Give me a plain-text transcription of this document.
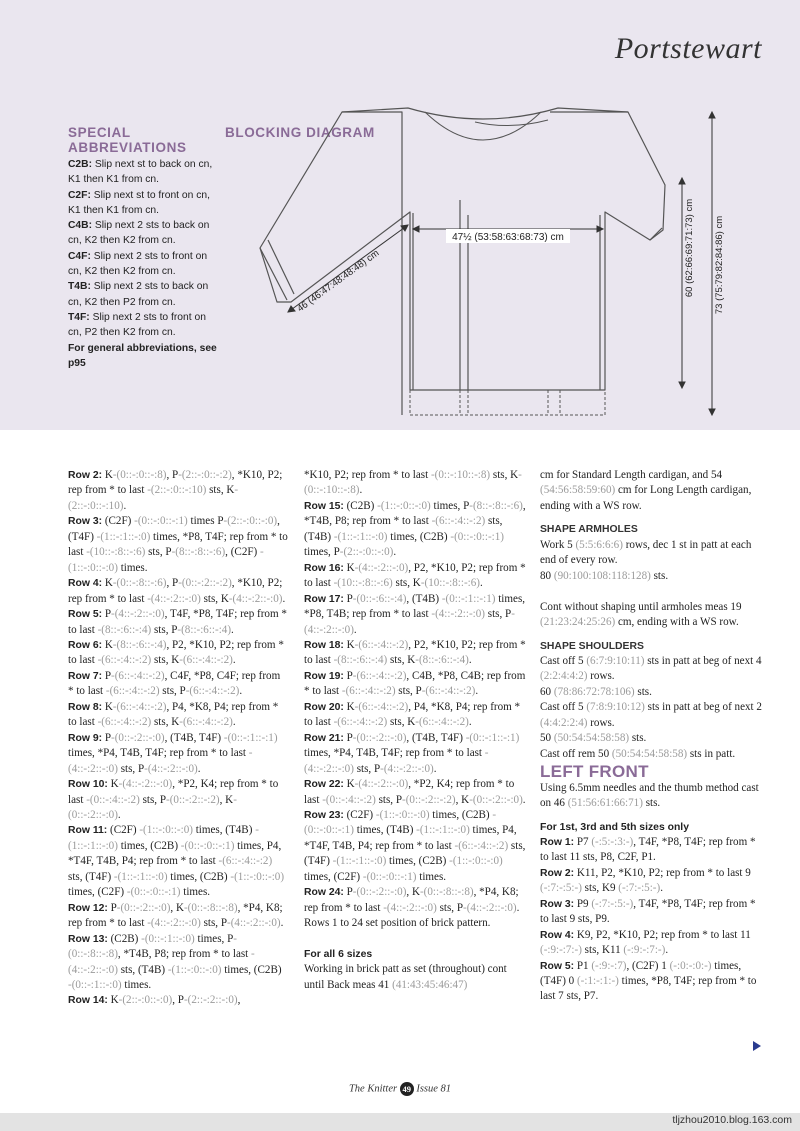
Portstewart
SPECIAL
ABBREVIATIONS

C2B: Slip next st to back on cn, K1 then K1 from cn.

C2F: Slip next st to front on cn, K1 then K1 from cn.

C4B: Slip next 2 sts to back on cn, K2 then K2 from cn.

C4F: Slip next 2 sts to front on cn, K2 then K2 from cn.

T4B: Slip next 2 sts to back on cn, K2 then P2 from cn.

T4F: Slip next 2 sts to front on cn, P2 then K2 from cn.

For general abbreviations, see p95

BLOCKING DIAGRAM
47½ (53:58:63:68:73) cm
46 (46:47:48:48:48) cm	60 (62:66:69:71:73) cm 73 (75:79:82:84:86) cm

Row 2: K-(0::-:0::-:8), P-(2::-:0::-:2), *K10, P2; rep from * to last -(2::-:0::-:10) sts, K-(2::-:0::-:10).

Row 3: (C2F) -(0::-:0::-:1) times P-(2::-:0::-:0), (T4F) -(1::-:1::-:0) times, *P8, T4F; rep from * to last -(10::-:8::-:6) sts, P-(8::-:8::-:6), (C2F) -(1::-:0::-:0) times.

Row 4: K-(0::-:8::-:6), P-(0::-:2::-:2), *K10, P2; rep from * to last -(4::-:2::-:0) sts, K-(4::-:2::-:0).

Row 5: P-(4::-:2::-:0), T4F, *P8, T4F; rep from * to last -(8::-:6::-:4) sts, P-(8::-:6::-:4).

Row 6: K-(8::-:6::-:4), P2, *K10, P2; rep from * to last -(6::-:4::-:2) sts, K-(6::-:4::-:2).

Row 7: P-(6::-:4::-:2), C4F, *P8, C4F; rep from * to last -(6::-:4::-:2) sts, P-(6::-:4::-:2).

Row 8: K-(6::-:4::-:2), P4, *K8, P4; rep from * to last -(6::-:4::-:2) sts, K-(6::-:4::-:2).

Row 9: P-(0::-:2::-:0), (T4B, T4F) -(0::-:1::-:1) times, *P4, T4B, T4F; rep from * to last -(4::-:2::-:0) sts, P-(4::-:2::-:0).

Row 10: K-(4::-:2::-:0), *P2, K4; rep from * to last -(0::-:4::-:2) sts, P-(0::-:2::-:2), K-(0::-:2::-:0).

Row 11: (C2F) -(1::-:0::-:0) times, (T4B) -(1::-:1::-:0) times, (C2B) -(0::-:0::-:1) times, P4, *T4F, T4B, P4; rep from * to last -(6::-:4::-:2) sts, (T4F) -(1::-:1::-:0) times, (C2B) -(1::-:0::-:0) times, (C2F) -(0::-:0::-:1) times.

Row 12: P-(0::-:2::-:0), K-(0::-:8::-:8), *P4, K8; rep from * to last -(4::-:2::-:0) sts, P-(4::-:2::-:0).

Row 13: (C2B) -(0::-:1::-:0) times, P-(0::-:8::-:8), *T4B, P8; rep from * to last -(4::-:2::-:0) sts, (T4B) -(1::-:0::-:0) times, (C2B) -(0::-:1::-:0) times.

Row 14: K-(2::-:0::-:0), P-(2::-:2::-:0),

*K10, P2; rep from * to last -(0::-:10::-:8) sts, K-(0::-:10::-:8).

Row 15: (C2B) -(1::-:0::-:0) times, P-(8::-:8::-:6), *T4B, P8; rep from * to last -(6::-:4::-:2) sts, (T4B) -(1::-:1::-:0) times, (C2B) -(0::-:0::-:1) times, P-(2::-:0::-:0).

Row 16: K-(4::-:2::-:0), P2, *K10, P2; rep from * to last -(10::-:8::-:6) sts, K-(10::-:8::-:6).

Row 17: P-(0::-:6::-:4), (T4B) -(0::-:1::-:1) times, *P8, T4B; rep from * to last -(4::-:2::-:0) sts, P-(4::-:2::-:0).

Row 18: K-(6::-:4::-:2), P2, *K10, P2; rep from * to last -(8::-:6::-:4) sts, K-(8::-:6::-:4).

Row 19: P-(6::-:4::-:2), C4B, *P8, C4B; rep from * to last -(6::-:4::-:2) sts, P-(6::-:4::-:2).

Row 20: K-(6::-:4::-:2), P4, *K8, P4; rep from * to last -(6::-:4::-:2) sts, K-(6::-:4::-:2).

Row 21: P-(0::-:2::-:0), (T4B, T4F) -(0::-:1::-:1) times, *P4, T4B, T4F; rep from * to last -(4::-:2::-:0) sts, P-(4::-:2::-:0).

Row 22: K-(4::-:2::-:0), *P2, K4; rep from * to last -(0::-:4::-:2) sts, P-(0::-:2::-:2), K-(0::-:2::-:0).

Row 23: (C2F) -(1::-:0::-:0) times, (C2B) -(0::-:0::-:1) times, (T4B) -(1::-:1::-:0) times, P4, *T4F, T4B, P4; rep from * to last -(6::-:4::-:2) sts, (T4F) -(1::-:1::-:0) times, (C2B) -(1::-:0::-:0) times, (C2F) -(0::-:0::-:1) times.

Row 24: P-(0::-:2::-:0), K-(0::-:8::-:8), *P4, K8; rep from * to last -(4::-:2::-:0) sts, P-(4::-:2::-:0).

Rows 1 to 24 set position of brick pattern.

For all 6 sizes

Working in brick patt as set (throughout) cont until Back meas 41 (41:43:45:46:47)

cm for Standard Length cardigan, and 54 (54:56:58:59:60) cm for Long Length cardigan, ending with a WS row.

SHAPE ARMHOLES

Work 5 (5:5:6:6:6) rows, dec 1 st in patt at each end of every row.

80 (90:100:108:118:128) sts.

Cont without shaping until armholes meas 19 (21:23:24:25:26) cm, ending with a WS row.

SHAPE SHOULDERS

Cast off 5 (6:7:9:10:11) sts in patt at beg of next 4 (2:2:4:4:2) rows.

60 (78:86:72:78:106) sts.

Cast off 5 (7:8:9:10:12) sts in patt at beg of next 2 (4:4:2:2:4) rows.

50 (50:54:54:58:58) sts.

Cast off rem 50 (50:54:54:58:58) sts in patt.

LEFT FRONT

Using 6.5mm needles and the thumb method cast on 46 (51:56:61:66:71) sts.

For 1st, 3rd and 5th sizes only

Row 1: P7 (-:5:-:3:-), T4F, *P8, T4F; rep from * to last 11 sts, P8, C2F, P1.

Row 2: K11, P2, *K10, P2; rep from * to last 9 (-:7:-:5:-) sts, K9 (-:7:-:5:-).

Row 3: P9 (-:7:-:5:-), T4F, *P8, T4F; rep from * to last 9 sts, P9.

Row 4: K9, P2, *K10, P2; rep from * to last 11 (-:9:-:7:-) sts, K11 (-:9:-:7:-).

Row 5: P1 (-:9:-:7), (C2F) 1 (-:0:-:0:-) times, (T4F) 0 (-:1:-:1:-) times, *P8, T4F; rep from * to last 7 sts, P7.

The Knitter 49 Issue 81
tljzhou2010.blog.163.com
